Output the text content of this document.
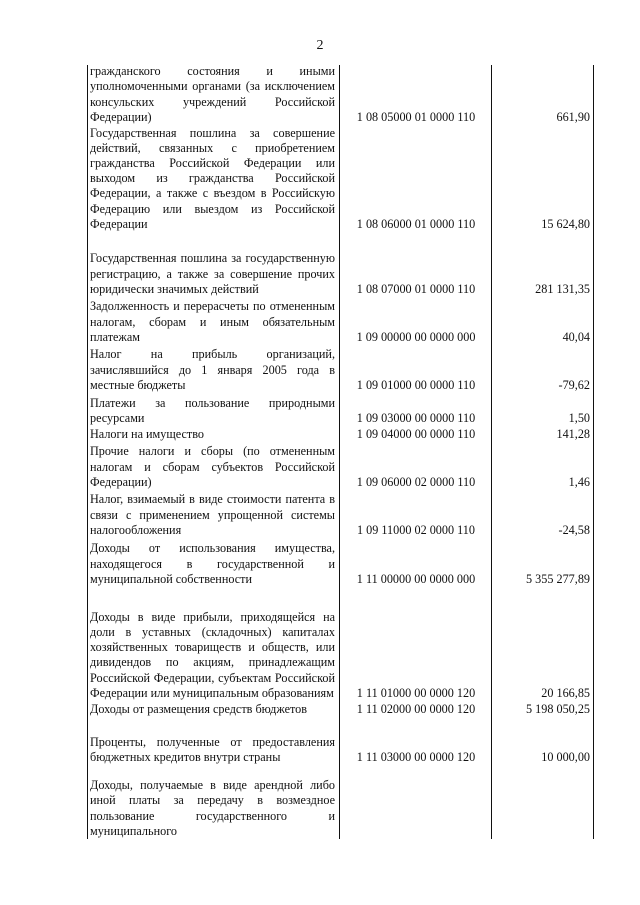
2
гражданского состояния и иными уполномоченными органами (за исключением консульских учреждений Российской Федерации)	1 08 05000 01 0000 110	661,90
Государственная пошлина за совершение действий, связанных с приобретением гражданства Российской Федерации или выходом из гражданства Российской Федерации, а также с въездом в Российскую Федерацию или выездом из Российской Федерации	1 08 06000 01 0000 110	15 624,80
Государственная пошлина за государственную регистрацию, а также за совершение прочих юридически значимых действий	1 08 07000 01 0000 110	281 131,35
Задолженность и перерасчеты по отмененным налогам, сборам и иным обязательным платежам	1 09 00000 00 0000 000	40,04
Налог на прибыль организаций, зачислявшийся до 1 января 2005 года в местные бюджеты	1 09 01000 00 0000 110	-79,62
Платежи за пользование природными ресурсами	1 09 03000 00 0000 110	1,50
Налоги на имущество	1 09 04000 00 0000 110	141,28
Прочие налоги и сборы (по отмененным налогам и сборам субъектов Российской Федерации)	1 09 06000 02 0000 110	1,46
Налог, взимаемый в виде стоимости патента в связи с применением упрощенной системы налогообложения	1 09 11000 02 0000 110	-24,58
Доходы от использования имущества, находящегося в государственной и муниципальной собственности	1 11 00000 00 0000 000	5 355 277,89
Доходы в виде прибыли, приходящейся на доли в уставных (складочных) капиталах хозяйственных товариществ и обществ, или дивидендов по акциям, принадлежащим Российской Федерации, субъектам Российской Федерации или муниципальным образованиям	1 11 01000 00 0000 120	20 166,85
Доходы от размещения средств бюджетов	1 11 02000 00 0000 120	5 198 050,25
Проценты, полученные от предоставления бюджетных кредитов внутри страны	1 11 03000 00 0000 120	10 000,00
Доходы, получаемые в виде арендной либо иной платы за передачу в возмездное пользование государственного и муниципального
